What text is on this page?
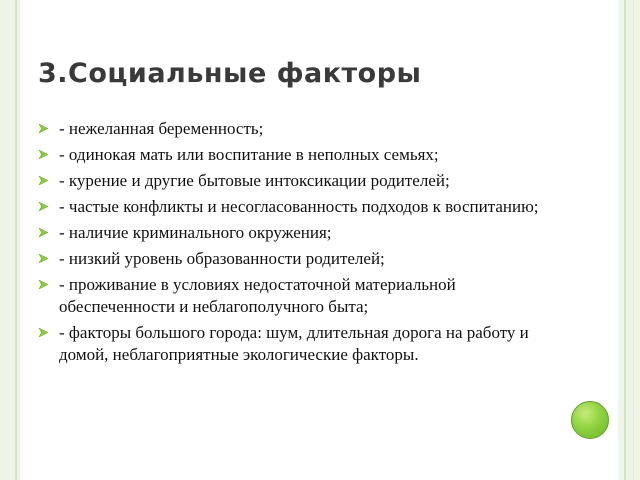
3.Социальные факторы
- нежеланная беременность;
- одинокая мать или воспитание в неполных семьях;
- курение и другие бытовые интоксикации родителей;
- частые конфликты и несогласованность подходов к воспитанию;
- наличие криминального окружения;
- низкий уровень образованности родителей;
- проживание в условиях недостаточной материальной обеспеченности и неблагополучного быта;
- факторы большого города: шум, длительная дорога на работу и домой, неблагоприятные экологические факторы.
